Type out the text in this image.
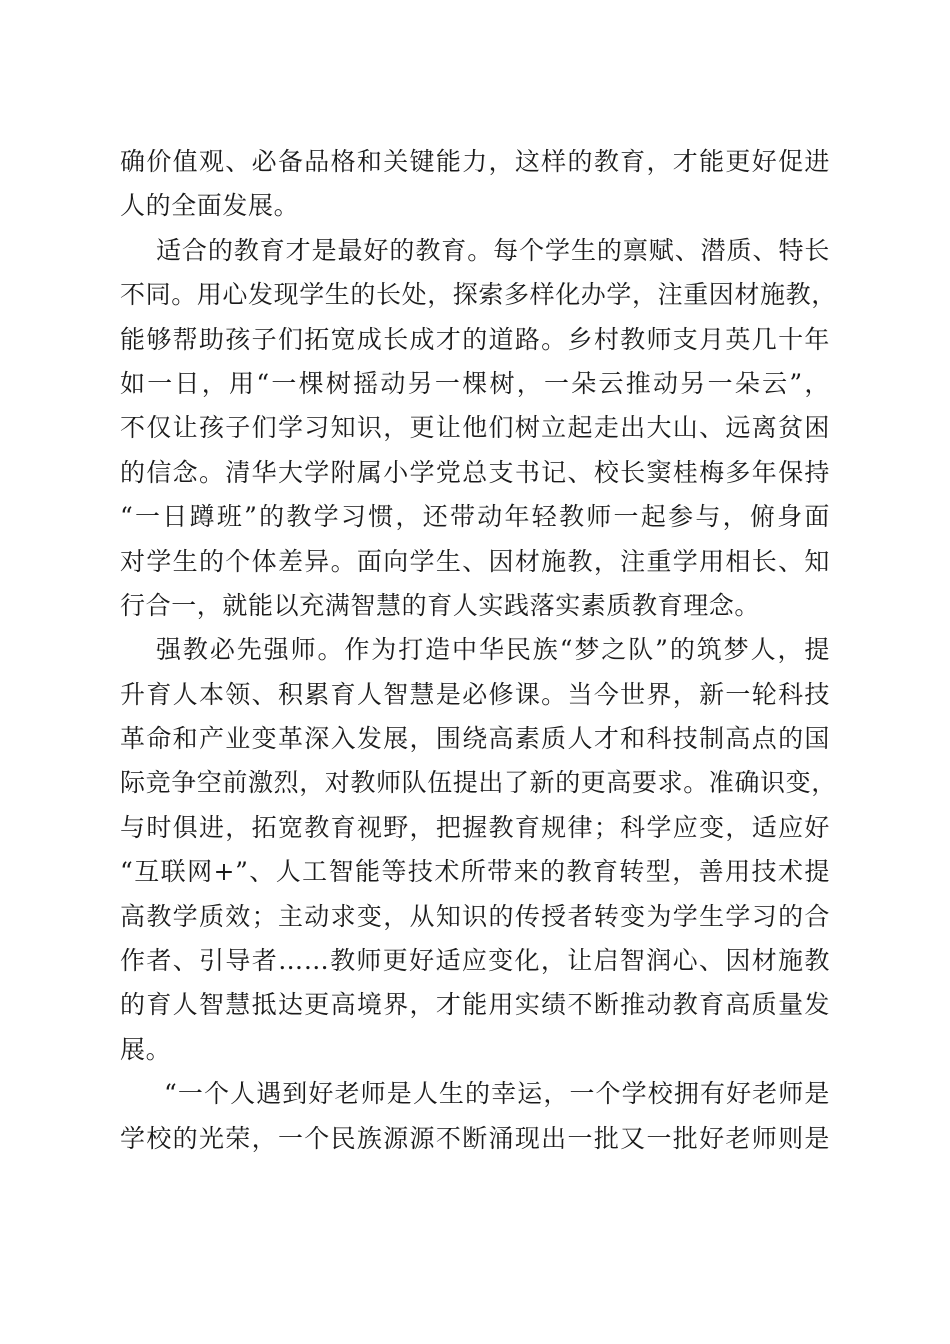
确价值观、必备品格和关键能力，这样的教育，才能更好促进
人的全面发展。
适合的教育才是最好的教育。每个学生的禀赋、潜质、特长
不同。用心发现学生的长处，探索多样化办学，注重因材施教，
能够帮助孩子们拓宽成长成才的道路。乡村教师支月英几十年
如一日，用“一棵树摇动另一棵树，一朵云推动另一朵云”，
不仅让孩子们学习知识，更让他们树立起走出大山、远离贫困
的信念。清华大学附属小学党总支书记、校长窦桂梅多年保持
“一日蹲班”的教学习惯，还带动年轻教师一起参与，俯身面
对学生的个体差异。面向学生、因材施教，注重学用相长、知
行合一，就能以充满智慧的育人实践落实素质教育理念。
强教必先强师。作为打造中华民族“梦之队”的筑梦人，提
升育人本领、积累育人智慧是必修课。当今世界，新一轮科技
革命和产业变革深入发展，围绕高素质人才和科技制高点的国
际竞争空前激烈，对教师队伍提出了新的更高要求。准确识变，
与时俱进，拓宽教育视野，把握教育规律；科学应变，适应好
“互联网+”、人工智能等技术所带来的教育转型，善用技术提
高教学质效；主动求变，从知识的传授者转变为学生学习的合
作者、引导者……教师更好适应变化，让启智润心、因材施教
的育人智慧抵达更高境界，才能用实绩不断推动教育高质量发
展。
“一个人遇到好老师是人生的幸运，一个学校拥有好老师是
学校的光荣，一个民族源源不断涌现出一批又一批好老师则是
